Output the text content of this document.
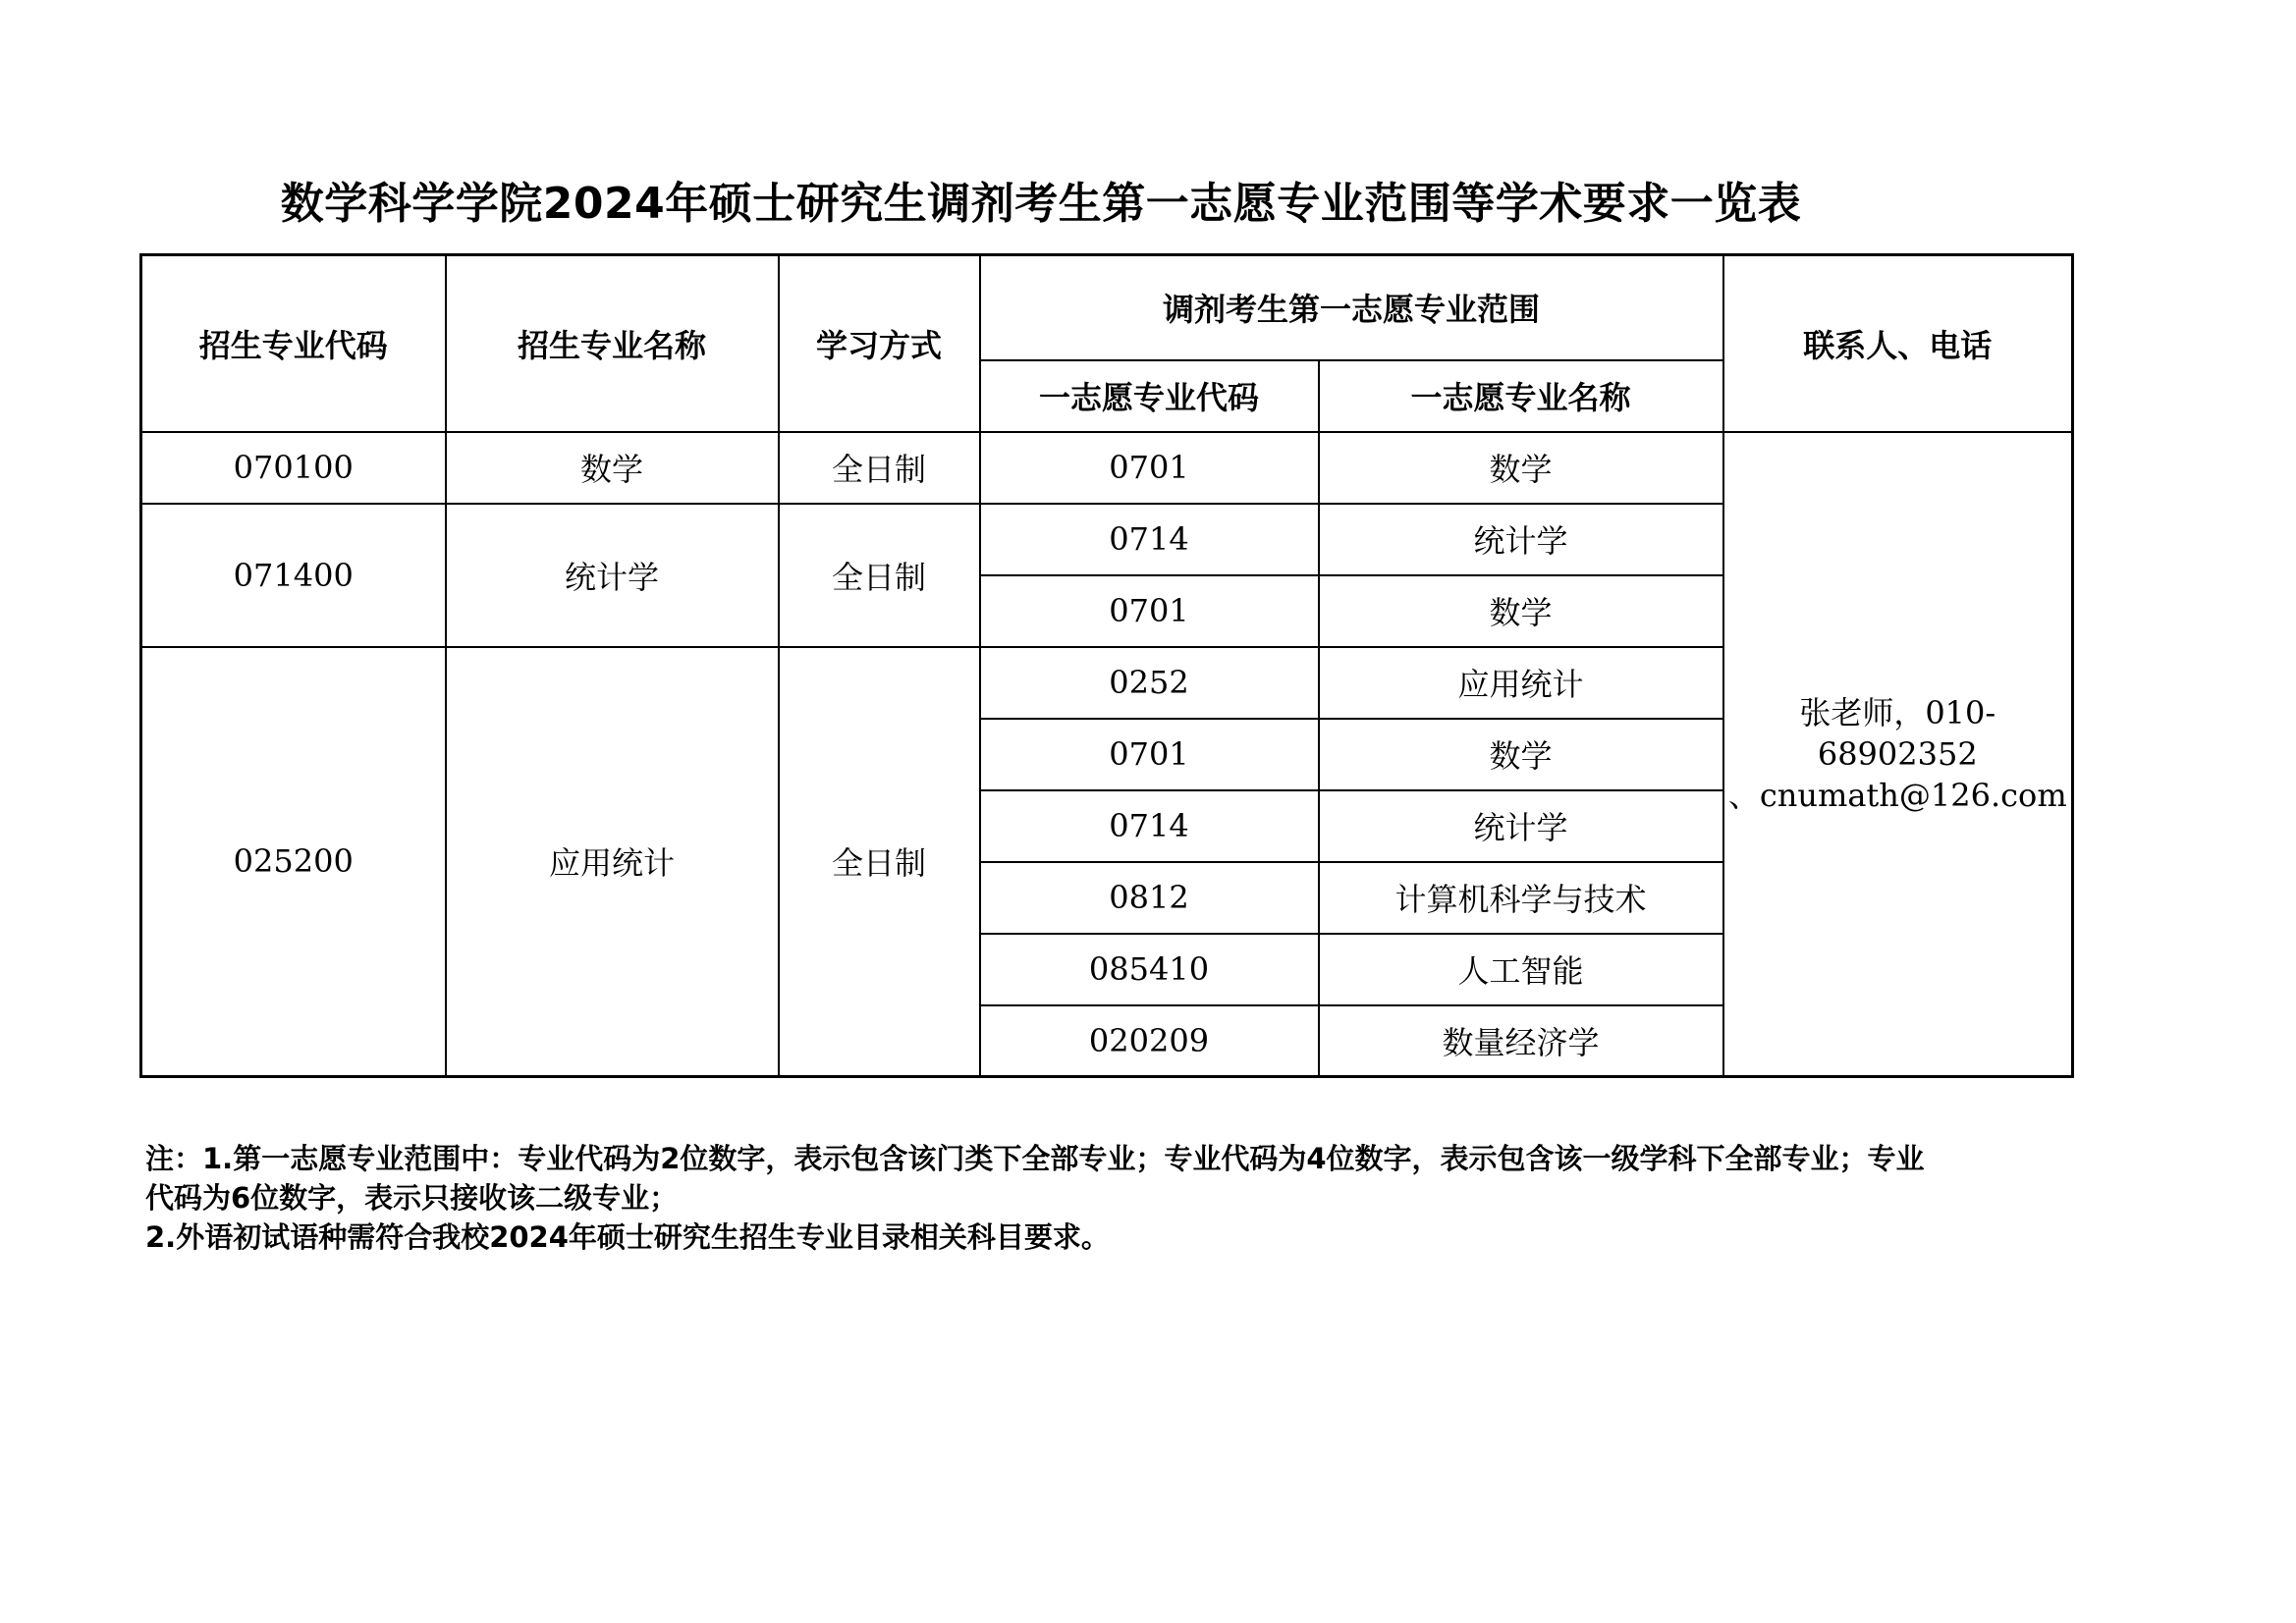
数学科学学院2024年硕士研究生调剂考生第一志愿专业范围等学术要求一览表
招生专业代码	招生专业名称	学习方式	调剂考生第一志愿专业范围		联系人、电话
			一志愿专业代码	一志愿专业名称	
070100	数学	全日制	0701	数学	张老师，010-68902352
、cnumath@126.com

071400	统计学	全日制	0714	统计学	
			0701	数学	
025200	应用统计	全日制	0252	应用统计	
			0701	数学	
			0714	统计学	
			0812	计算机科学与技术	
			085410	人工智能	
			020209	数量经济学	

注：1.第一志愿专业范围中：专业代码为2位数字，表示包含该门类下全部专业；专业代码为4位数字，表示包含该一级学科下全部专业；专业

代码为6位数字，表示只接收该二级专业；

2.外语初试语种需符合我校2024年硕士研究生招生专业目录相关科目要求。
